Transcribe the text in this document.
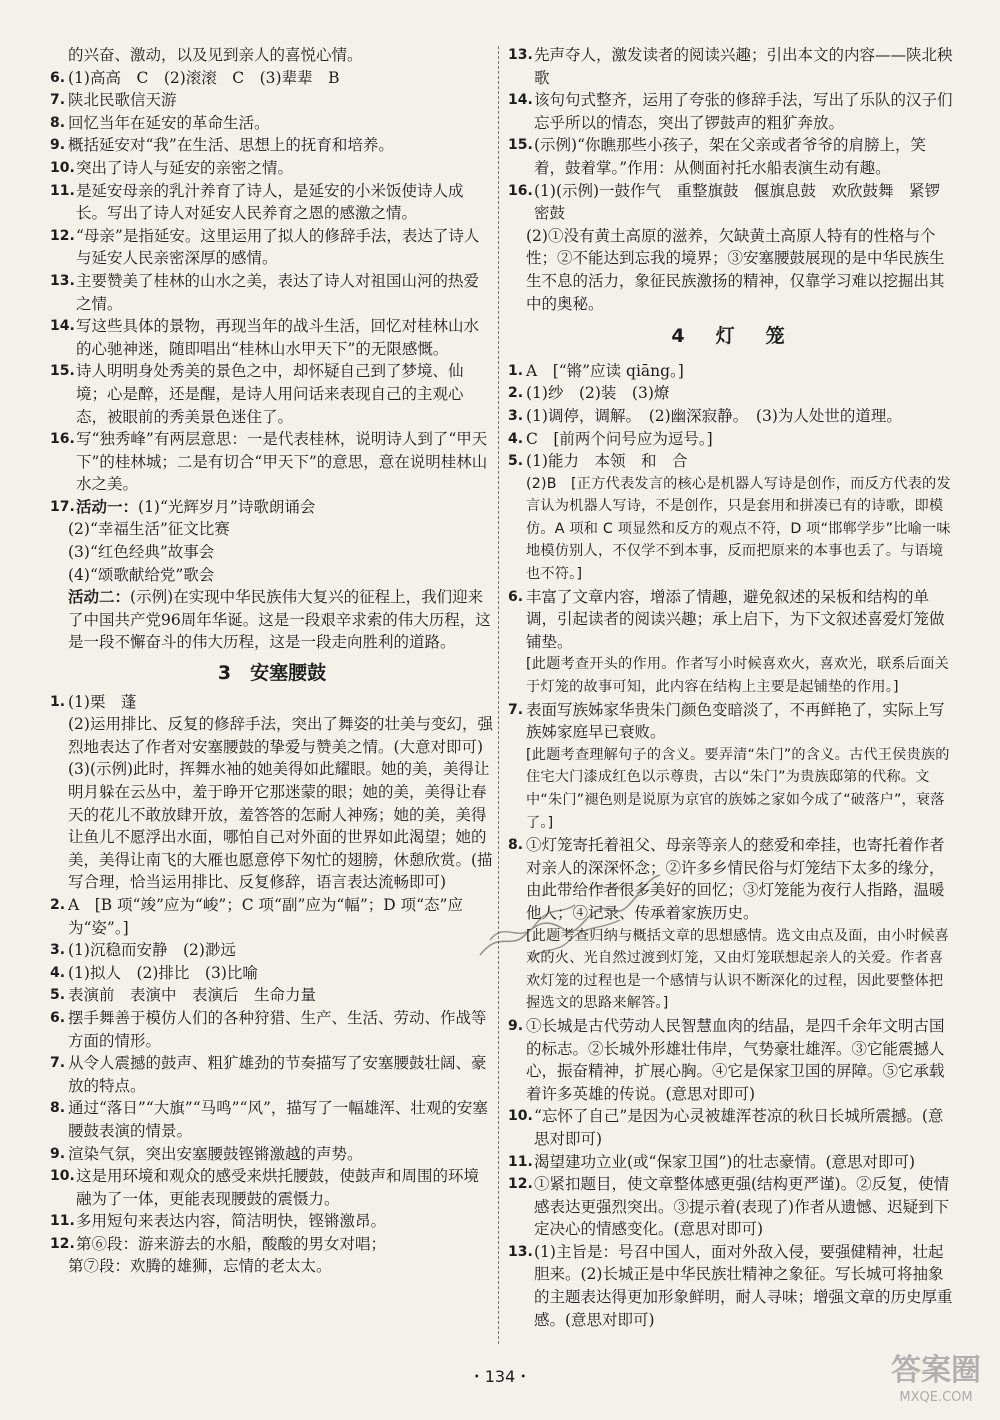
的兴奋、激动，以及见到亲人的喜悦心情。
6. (1)高高　C　(2)滚滚　C　(3)辈辈　B
7. 陕北民歌信天游
8. 回忆当年在延安的革命生活。
9. 概括延安对“我”在生活、思想上的抚育和培养。
10. 突出了诗人与延安的亲密之情。
11. 是延安母亲的乳汁养育了诗人，是延安的小米饭使诗人成长。写出了诗人对延安人民养育之恩的感激之情。
12. “母亲”是指延安。这里运用了拟人的修辞手法，表达了诗人与延安人民亲密深厚的感情。
13. 主要赞美了桂林的山水之美，表达了诗人对祖国山河的热爱之情。
14. 写这些具体的景物，再现当年的战斗生活，回忆对桂林山水的心驰神迷，随即唱出“桂林山水甲天下”的无限感慨。
15. 诗人明明身处秀美的景色之中，却怀疑自己到了梦境、仙境；心是醉，还是醒，是诗人用问话来表现自己的主观心态，被眼前的秀美景色迷住了。
16. 写“独秀峰”有两层意思：一是代表桂林，说明诗人到了“甲天下”的桂林城；二是有切合“甲天下”的意思，意在说明桂林山水之美。
17. 活动一：(1)“光辉岁月”诗歌朗诵会
(2)“幸福生活”征文比赛
(3)“红色经典”故事会
(4)“颂歌献给党”歌会
活动二：(示例)在实现中华民族伟大复兴的征程上，我们迎来了中国共产党96周年华诞。这是一段艰辛求索的伟大历程，这是一段不懈奋斗的伟大历程，这是一段走向胜利的道路。
3　安塞腰鼓
1. (1)栗　蓬
(2)运用排比、反复的修辞手法，突出了舞姿的壮美与变幻，强烈地表达了作者对安塞腰鼓的挚爱与赞美之情。(大意对即可)
(3)(示例)此时，挥舞水袖的她美得如此耀眼。她的美，美得让明月躲在云丛中，羞于睁开它那迷蒙的眼；她的美，美得让春天的花儿不敢放肆开放，羞答答的怎耐人神殇；她的美，美得让鱼儿不愿浮出水面，哪怕自己对外面的世界如此渴望；她的美，美得让南飞的大雁也愿意停下匆忙的翅膀，休憩欣赏。(描写合理，恰当运用排比、反复修辞，语言表达流畅即可)
2. A　[B 项“竣”应为“峻”；C 项“副”应为“幅”；D 项“态”应为“姿”。]
3. (1)沉稳而安静　(2)渺远
4. (1)拟人　(2)排比　(3)比喻
5. 表演前　表演中　表演后　生命力量
6. 摆手舞善于模仿人们的各种狩猎、生产、生活、劳动、作战等方面的情形。
7. 从令人震撼的鼓声、粗犷雄劲的节奏描写了安塞腰鼓壮阔、豪放的特点。
8. 通过“落日”“大旗”“马鸣”“风”，描写了一幅雄浑、壮观的安塞腰鼓表演的情景。
9. 渲染气氛，突出安塞腰鼓铿锵激越的声势。
10. 这是用环境和观众的感受来烘托腰鼓，使鼓声和周围的环境融为了一体，更能表现腰鼓的震慑力。
11. 多用短句来表达内容，简洁明快，铿锵激昂。
12. 第⑥段：游来游去的水船，酸酸的男女对唱；
第⑦段：欢腾的雄狮，忘情的老太太。
13. 先声夺人，激发读者的阅读兴趣；引出本文的内容——陕北秧歌
14. 该句句式整齐，运用了夸张的修辞手法，写出了乐队的汉子们忘乎所以的情态，突出了锣鼓声的粗犷奔放。
15. (示例)“你瞧那些小孩子，架在父亲或者爷爷的肩膀上，笑着，鼓着掌。”作用：从侧面衬托水船表演生动有趣。
16. (1)(示例)一鼓作气　重整旗鼓　偃旗息鼓　欢欣鼓舞　紧锣密鼓
(2)①没有黄土高原的滋养，欠缺黄土高原人特有的性格与个性；②不能达到忘我的境界；③安塞腰鼓展现的是中华民族生生不息的活力，象征民族激扬的精神，仅靠学习难以挖掘出其中的奥秘。
4　灯　笼
1. A　[“锵”应读 qiāng。]
2. (1)纱　(2)装　(3)燎
3. (1)调停，调解。　(2)幽深寂静。　(3)为人处世的道理。
4. C　[前两个问号应为逗号。]
5. (1)能力　本领　和　合
(2)B　[正方代表发言的核心是机器人写诗是创作，而反方代表的发言认为机器人写诗，不是创作，只是套用和拼凑已有的诗歌，即模仿。A 项和 C 项显然和反方的观点不符，D 项“邯郸学步”比喻一味地模仿别人，不仅学不到本事，反而把原来的本事也丢了。与语境也不符。]
6. 丰富了文章内容，增添了情趣，避免叙述的呆板和结构的单调，引起读者的阅读兴趣；承上启下，为下文叙述喜爱灯笼做铺垫。
[此题考查开头的作用。作者写小时候喜欢火，喜欢光，联系后面关于灯笼的故事可知，此内容在结构上主要是起铺垫的作用。]
7. 表面写族姊家华贵朱门颜色变暗淡了，不再鲜艳了，实际上写族姊家庭早已衰败。
[此题考查理解句子的含义。要弄清“朱门”的含义。古代王侯贵族的住宅大门漆成红色以示尊贵，古以“朱门”为贵族邸第的代称。文中“朱门”褪色则是说原为京官的族姊之家如今成了“破落户”，衰落了。]
8. ①灯笼寄托着祖父、母亲等亲人的慈爱和牵挂，也寄托着作者对亲人的深深怀念；②许多乡情民俗与灯笼结下太多的缘分，由此带给作者很多美好的回忆；③灯笼能为夜行人指路，温暖他人；④记录、传承着家族历史。
[此题考查归纳与概括文章的思想感情。选文由点及面，由小时候喜欢的火、光自然过渡到灯笼，又由灯笼联想起亲人的关爱。作者喜欢灯笼的过程也是一个感情与认识不断深化的过程，因此要整体把握选文的思路来解答。]
9. ①长城是古代劳动人民智慧血肉的结晶，是四千余年文明古国的标志。②长城外形雄壮伟岸，气势豪壮雄浑。③它能震撼人心，振奋精神，扩展心胸。④它是保家卫国的屏障。⑤它承载着许多英雄的传说。(意思对即可)
10. “忘怀了自己”是因为心灵被雄浑苍凉的秋日长城所震撼。(意思对即可)
11. 渴望建功立业(或“保家卫国”)的壮志豪情。(意思对即可)
12. ①紧扣题目，使文章整体感更强(结构更严谨)。②反复，使情感表达更强烈突出。③提示着(表现了)作者从遗憾、迟疑到下定决心的情感变化。(意思对即可)
13. (1)主旨是：号召中国人，面对外敌入侵，要强健精神，壮起胆来。(2)长城正是中华民族壮精神之象征。写长城可将抽象的主题表达得更加形象鲜明，耐人寻味；增强文章的历史厚重感。(意思对即可)
・134・	答案圈
MXQE.COM
